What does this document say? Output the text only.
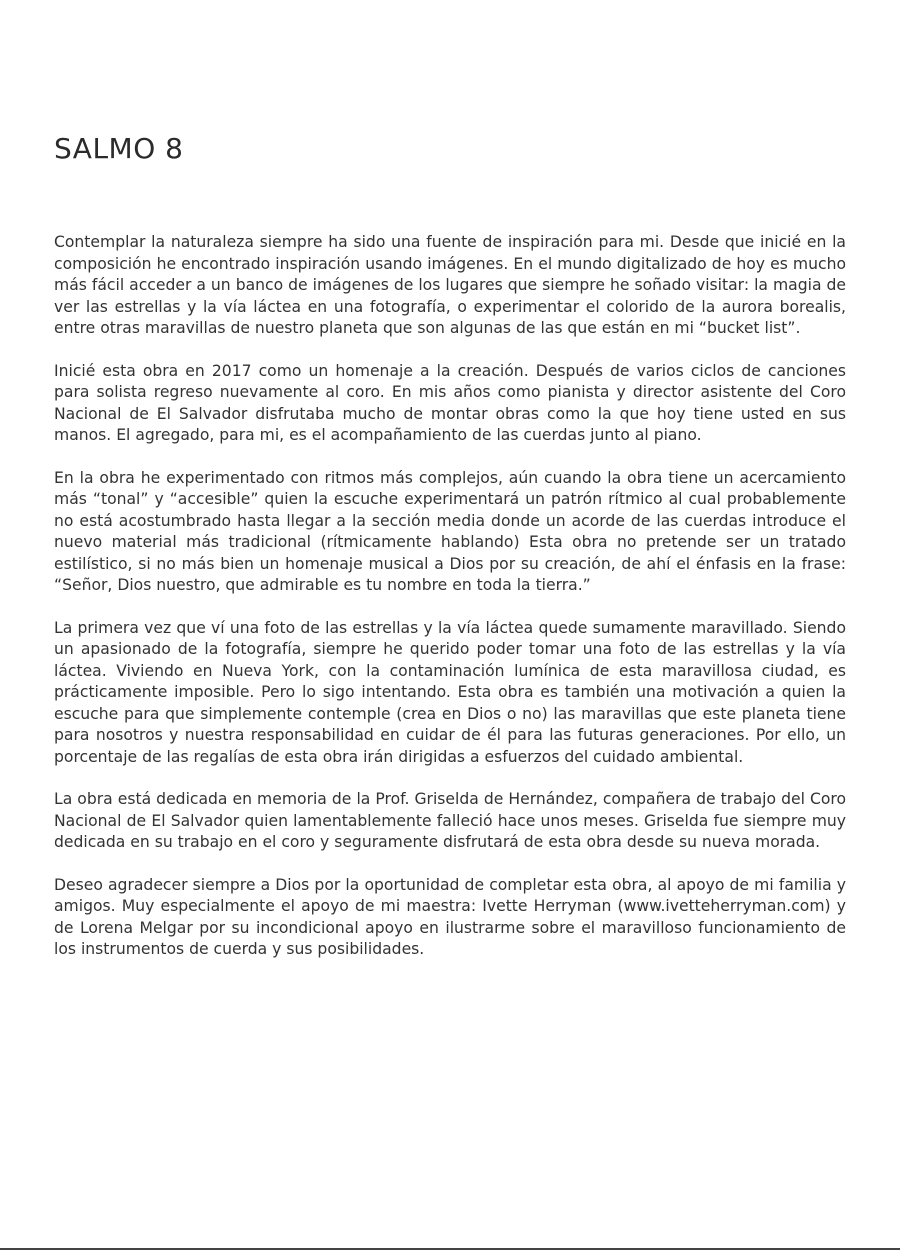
SALMO 8

Contemplar la naturaleza siempre ha sido una fuente de inspiración para mi. Desde que inicié en la composición he encontrado inspiración usando imágenes. En el mundo digitalizado de hoy es mucho más fácil acceder a un banco de imágenes de los lugares que siempre he soñado visitar: la magia de ver las estrellas y la vía láctea en una fotografía, o experimentar el colorido de la aurora borealis, entre otras maravillas de nuestro planeta que son algunas de las que están en mi “bucket list”.

Inicié esta obra en 2017 como un homenaje a la creación. Después de varios ciclos de canciones para solista regreso nuevamente al coro. En mis años como pianista y director asistente del Coro Nacional de El Salvador disfrutaba mucho de montar obras como la que hoy tiene usted en sus manos. El agregado, para mi, es el acompañamiento de las cuerdas junto al piano.

En la obra he experimentado con ritmos más complejos, aún cuando la obra tiene un acercamiento más “tonal” y “accesible” quien la escuche experimentará un patrón rítmico al cual probablemente no está acostumbrado hasta llegar a la sección media donde un acorde de las cuerdas introduce el nuevo material más tradicional (rítmicamente hablando) Esta obra no pretende ser un tratado estilístico, si no más bien un homenaje musical a Dios por su creación, de ahí el énfasis en la frase: “Señor, Dios nuestro, que admirable es tu nombre en toda la tierra.”

La primera vez que ví una foto de las estrellas y la vía láctea quede sumamente maravillado. Siendo un apasionado de la fotografía, siempre he querido poder tomar una foto de las estrellas y la vía láctea. Viviendo en Nueva York, con la contaminación lumínica de esta maravillosa ciudad, es prácticamente imposible. Pero lo sigo intentando. Esta obra es también una motivación a quien la escuche para que simplemente contemple (crea en Dios o no) las maravillas que este planeta tiene para nosotros y nuestra responsabilidad en cuidar de él para las futuras generaciones. Por ello, un porcentaje de las regalías de esta obra irán dirigidas a esfuerzos del cuidado ambiental.

La obra está dedicada en memoria de la Prof. Griselda de Hernández, compañera de trabajo del Coro Nacional de El Salvador quien lamentablemente falleció hace unos meses. Griselda fue siempre muy dedicada en su trabajo en el coro y seguramente disfrutará de esta obra desde su nueva morada.

Deseo agradecer siempre a Dios por la oportunidad de completar esta obra, al apoyo de mi familia y amigos. Muy especialmente el apoyo de mi maestra: Ivette Herryman (www.ivetteherryman.com) y de Lorena Melgar por su incondicional apoyo en ilustrarme sobre el maravilloso funcionamiento de los instrumentos de cuerda y sus posibilidades.
